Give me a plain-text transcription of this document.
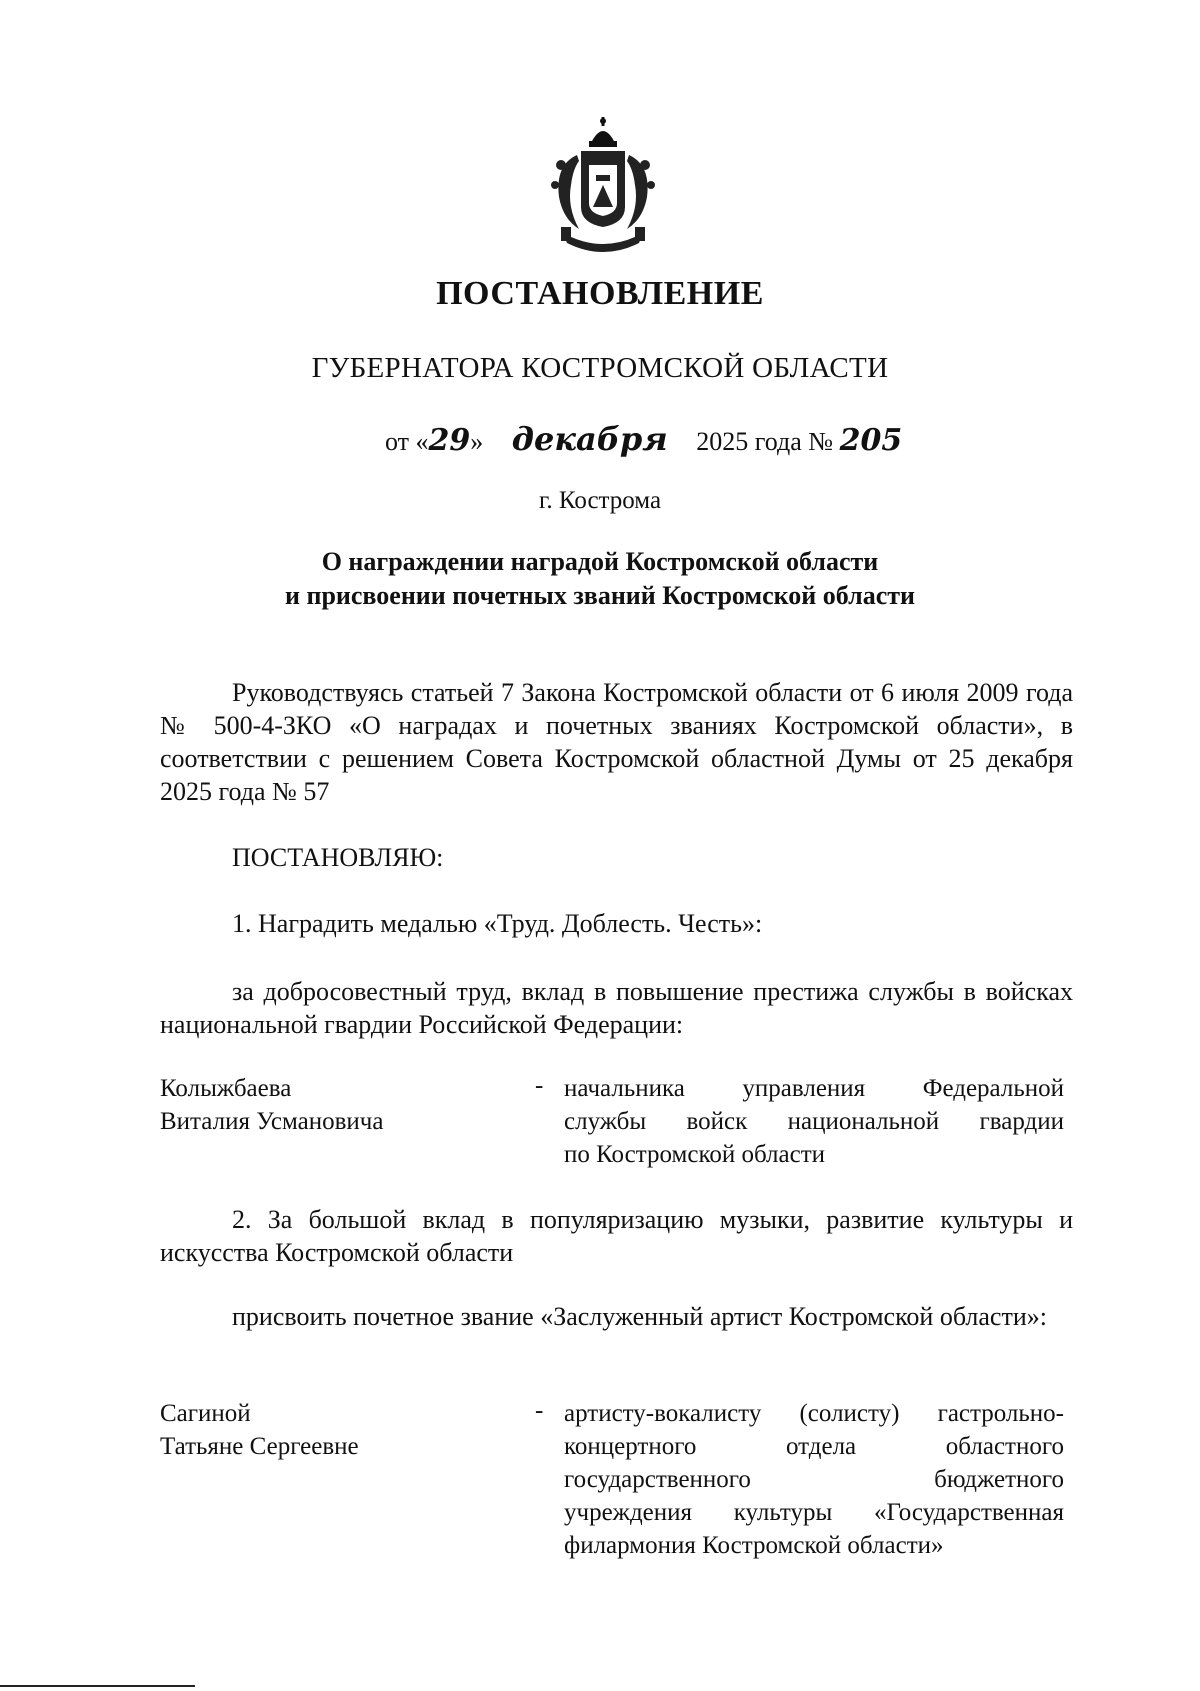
ПОСТАНОВЛЕНИЕ
ГУБЕРНАТОРА КОСТРОМСКОЙ ОБЛАСТИ
от «29» декабря 2025 года № 205
г. Кострома
О награждении наградой Костромской области
и присвоении почетных званий Костромской области
Руководствуясь статьей 7 Закона Костромской области от 6 июля 2009 года № 500-4-ЗКО «О наградах и почетных званиях Костромской области», в соответствии с решением Совета Костромской областной Думы от 25 декабря 2025 года № 57
ПОСТАНОВЛЯЮ:
1. Наградить медалью «Труд. Доблесть. Честь»:
за добросовестный труд, вклад в повышение престижа службы в войсках национальной гвардии Российской Федерации:
Колыжбаева
Виталия Усмановича
- начальника управления Федеральной
службы войск национальной гвардии
по Костромской области
2. За большой вклад в популяризацию музыки, развитие культуры и искусства Костромской области
присвоить почетное звание «Заслуженный артист Костромской области»:
Сагиной
Татьяне Сергеевне
- артисту-вокалисту (солисту) гастрольно-
концертного отдела областного
государственного бюджетного
учреждения культуры «Государственная
филармония Костромской области»
